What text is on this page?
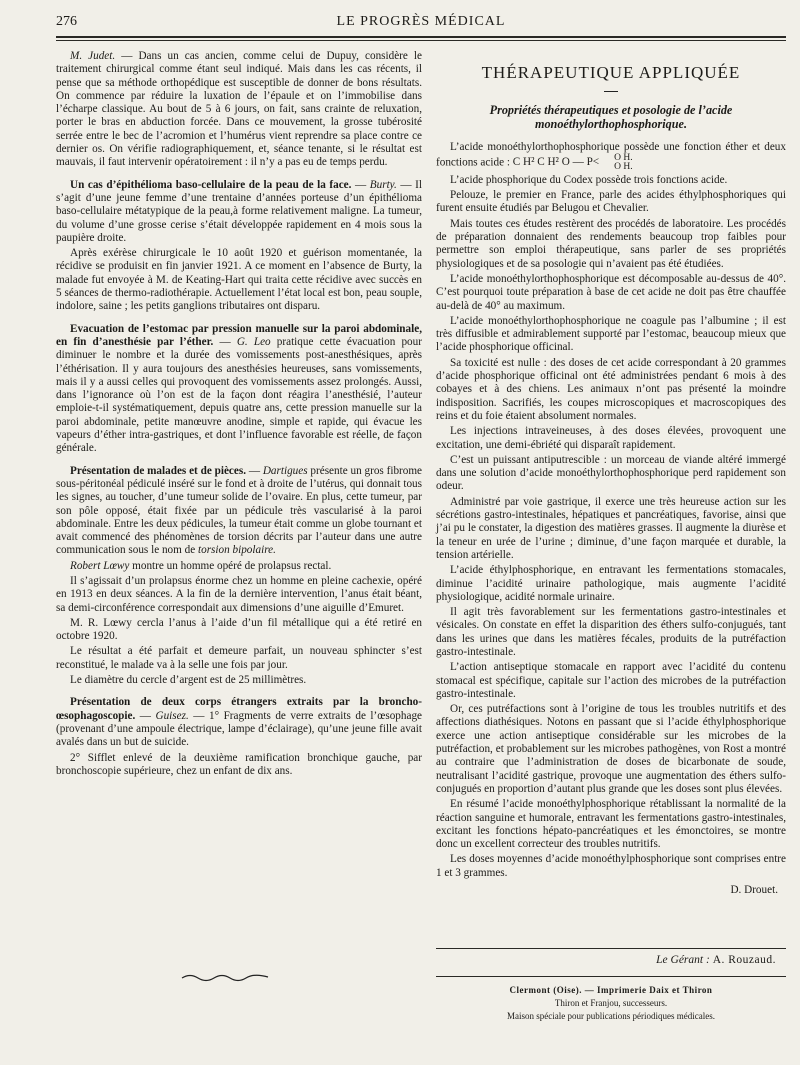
276	LE PROGRÈS MÉDICAL

M. Judet. — Dans un cas ancien, comme celui de Dupuy, considère le traitement chirurgical comme étant seul indiqué. Mais dans les cas récents, il pense que sa méthode orthopédique est susceptible de donner de bons résultats. On commence par réduire la luxation de l’épaule et on l’immobilise dans l’écharpe classique. Au bout de 5 à 6 jours, on fait, sans crainte de reluxation, porter le bras en abduction forcée. Dans ce mouvement, la grosse tubérosité serrée entre le bec de l’acromion et l’humérus vient reprendre sa place contre ce dernier os. On vérifie radiographiquement, et, séance tenante, si le résultat est mauvais, il faut intervenir opératoirement : il n’y a pas eu de temps perdu.

Un cas d’épithélioma baso-cellulaire de la peau de la face. — Burty. — Il s’agit d’une jeune femme d’une trentaine d’années porteuse d’un épithélioma baso-cellulaire métatypique de la peau,à forme relativement maligne. La tumeur, du volume d’une grosse cerise s’était développée rapidement en 4 mois sous la paupière droite.

Après exérèse chirurgicale le 10 août 1920 et guérison momentanée, la récidive se produisit en fin janvier 1921. A ce moment en l’absence de Burty, la malade fut envoyée à M. de Keating-Hart qui traita cette récidive avec succès en 5 séances de thermo-radiothérapie. Actuellement l’état local est bon, peau souple, indolore, saine ; les petits ganglions tributaires ont disparu.

Evacuation de l’estomac par pression manuelle sur la paroi abdominale, en fin d’anesthésie par l’éther. — G. Leo pratique cette évacuation pour diminuer le nombre et la durée des vomissements post-anesthésiques, après l’éthérisation. Il y aura toujours des anesthésies heureuses, sans vomissements, mais il y a aussi celles qui provoquent des vomissements assez prolongés. Aussi, dans l’ignorance où l’on est de la façon dont réagira l’anesthésié, l’auteur emploie-t-il systématiquement, depuis quatre ans, cette pression manuelle sur la paroi abdominale, petite manœuvre anodine, simple et rapide, qui évacue les vapeurs d’éther intra-gastriques, et dont l’influence favorable est réelle, de façon générale.

Présentation de malades et de pièces. — Dartigues présente un gros fibrome sous-péritonéal pédiculé inséré sur le fond et à droite de l’utérus, qui donnait tous les signes, au toucher, d’une tumeur solide de l’ovaire. En plus, cette tumeur, par son pôle opposé, était fixée par un pédicule très vascularisé à la paroi abdominale. Entre les deux pédicules, la tumeur était comme un globe tournant et avait commencé des phénomènes de torsion décrits par l’auteur dans une autre communication sous le nom de torsion bipolaire.

Robert Lœwy montre un homme opéré de prolapsus rectal.

Il s’agissait d’un prolapsus énorme chez un homme en pleine cachexie, opéré en 1913 en deux séances. A la fin de la dernière intervention, l’anus était béant, sa demi-circonférence correspondait aux dimensions d’une aiguille d’Emuret.

M. R. Lœwy cercla l’anus à l’aide d’un fil métallique qui a été retiré en octobre 1920.

Le résultat a été parfait et demeure parfait, un nouveau sphincter s’est reconstitué, le malade va à la selle une fois par jour.

Le diamètre du cercle d’argent est de 25 millimètres.

Présentation de deux corps étrangers extraits par la broncho-œsophagoscopie. — Guisez. — 1° Fragments de verre extraits de l’œsophage (provenant d’une ampoule électrique, lampe d’éclairage), qu’une jeune fille avait avalés dans un but de suicide.

2° Sifflet enlevé de la deuxième ramification bronchique gauche, par bronchoscopie supérieure, chez un enfant de dix ans.

THÉRAPEUTIQUE APPLIQUÉE
Propriétés thérapeutiques et posologie de l’acide monoéthylorthophosphorique.

L’acide monoéthylorthophosphorique possède une fonction éther et deux fonctions acide : C H² C H² O — P<	O H.
O H.

L’acide phosphorique du Codex possède trois fonctions acide.

Pelouze, le premier en France, parle des acides éthylphosphoriques qui furent ensuite étudiés par Belugou et Chevalier.

Mais toutes ces études restèrent des procédés de laboratoire. Les procédés de préparation donnaient des rendements beaucoup trop faibles pour permettre son emploi thérapeutique, sans parler de ses propriétés physiologiques et de sa posologie qui n’avaient pas été étudiées.

L’acide monoéthylorthophosphorique est décomposable au-dessus de 40°. C’est pourquoi toute préparation à base de cet acide ne doit pas être chauffée au-delà de 40° au maximum.

L’acide monoéthylorthophosphorique ne coagule pas l’albumine ; il est très diffusible et admirablement supporté par l’estomac, beaucoup mieux que l’acide phosphorique officinal.

Sa toxicité est nulle : des doses de cet acide correspondant à 20 grammes d’acide phosphorique officinal ont été administrées pendant 6 mois à des cobayes et à des chiens. Les animaux n’ont pas présenté la moindre indisposition. Sacrifiés, les coupes microscopiques et macroscopiques des reins et du foie étaient absolument normales.

Les injections intraveineuses, à des doses élevées, provoquent une excitation, une demi-ébriété qui disparaît rapidement.

C’est un puissant antiputrescible : un morceau de viande altéré immergé dans une solution d’acide monoéthylorthophosphorique perd rapidement son odeur.

Administré par voie gastrique, il exerce une très heureuse action sur les sécrétions gastro-intestinales, hépatiques et pancréatiques, favorise, ainsi que j’ai pu le constater, la digestion des matières grasses. Il augmente la diurèse et la teneur en urée de l’urine ; diminue, d’une façon marquée et durable, la tension artérielle.

L’acide éthylphosphorique, en entravant les fermentations stomacales, diminue l’acidité urinaire pathologique, mais augmente l’acidité physiologique, acidité normale urinaire.

Il agit très favorablement sur les fermentations gastro-intestinales et vésicales. On constate en effet la disparition des éthers sulfo-conjugués, tant dans les urines que dans les matières fécales, produits de la putréfaction gastro-intestinale.

L’action antiseptique stomacale en rapport avec l’acidité du contenu stomacal est spécifique, capitale sur l’action des microbes de la putréfaction gastro-intestinale.

Or, ces putréfactions sont à l’origine de tous les troubles nutritifs et des affections diathésiques. Notons en passant que si l’acide éthylphosphorique exerce une action antiseptique considérable sur les microbes de la putréfaction, et probablement sur les microbes pathogènes, von Rost a montré au contraire que l’administration de doses de bicarbonate de soude, neutralisant l’acidité gastrique, provoque une augmentation des éthers sulfo-conjugués en proportion d’autant plus grande que les doses sont plus élevées.

En résumé l’acide monoéthylphosphorique rétablissant la normalité de la réaction sanguine et humorale, entravant les fermentations gastro-intestinales, excitant les fonctions hépato-pancréatiques et les émonctoires, se montre donc un excellent correcteur des troubles nutritifs.

Les doses moyennes d’acide monoéthylphosphorique sont comprises entre 1 et 3 grammes.

D. Drouet.

Le Gérant : A. Rouzaud.
Clermont (Oise). — Imprimerie Daix et Thiron
Thiron et Franjou, successeurs.
Maison spéciale pour publications périodiques médicales.
